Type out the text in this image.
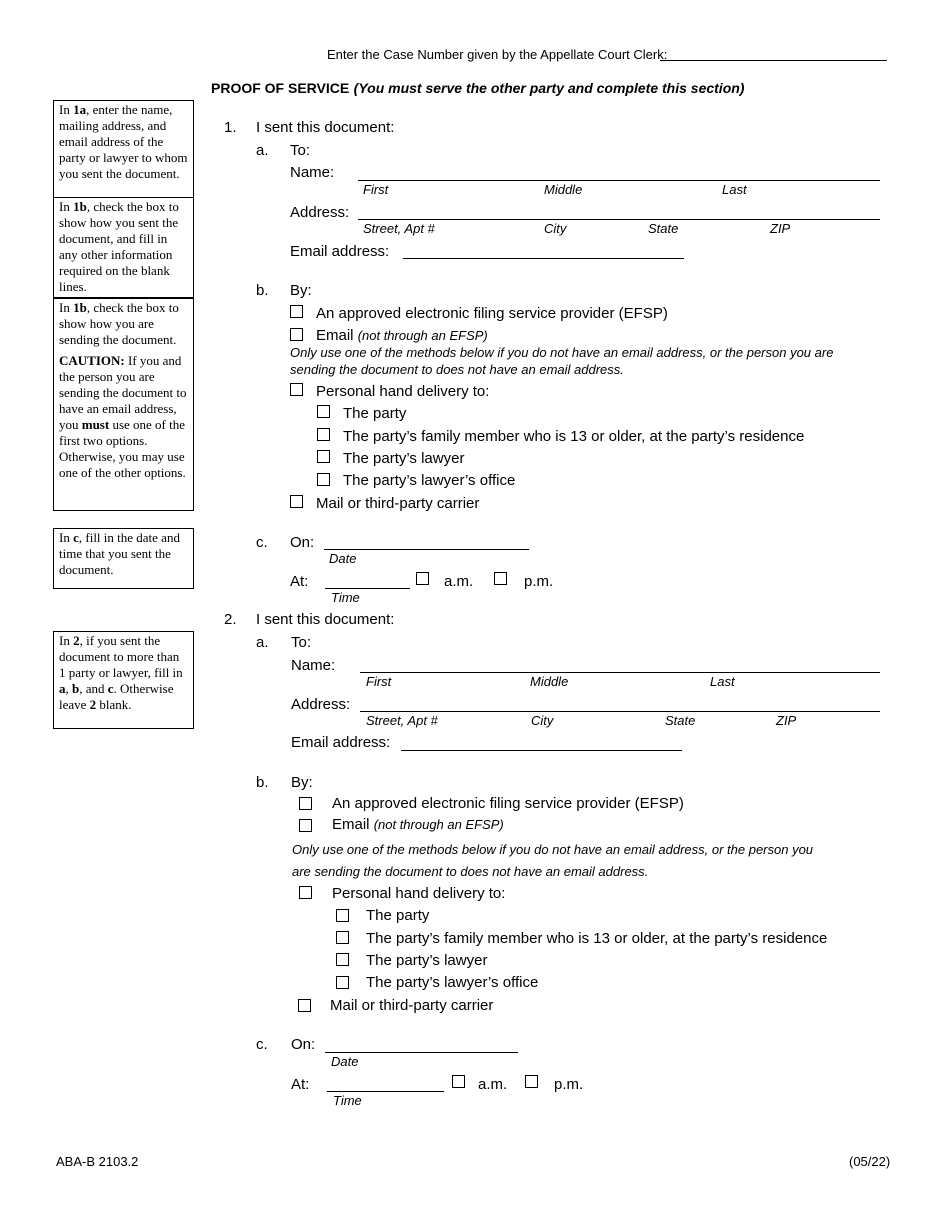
Enter the Case Number given by the Appellate Court Clerk:
PROOF OF SERVICE (You must serve the other party and complete this section)

In 1a, enter the name, mailing address, and email address of the party or lawyer to whom you sent the document.

In 1b, check the box to show how you sent the document, and fill in any other information required on the blank lines.

In 1b, check the box to show how you are sending the document.

CAUTION: If you and the person you are sending the document to have an email address, you must use one of the first two options. Otherwise, you may use one of the other options.

In c, fill in the date and time that you sent the document.

In 2, if you sent the document to more than 1 party or lawyer, fill in a, b, and c. Otherwise leave 2 blank.

1. I sent this document:
a. To:
Name:
First	Middle	Last
Address:
Street, Apt #	City	State	ZIP
Email address:
b. By:
An approved electronic filing service provider (EFSP)
Email (not through an EFSP)
Only use one of the methods below if you do not have an email address, or the person you are
sending the document to does not have an email address.
Personal hand delivery to:
The party
The party’s family member who is 13 or older, at the party’s residence
The party’s lawyer
The party’s lawyer’s office
Mail or third-party carrier
c. On:
Date
At:	a.m.	p.m.
Time
2. I sent this document:
a. To:
Name:
First	Middle	Last
Address:
Street, Apt #	City	State	ZIP
Email address:
b. By:
An approved electronic filing service provider (EFSP)
Email (not through an EFSP)
Only use one of the methods below if you do not have an email address, or the person you
are sending the document to does not have an email address.
Personal hand delivery to:
The party
The party’s family member who is 13 or older, at the party’s residence
The party’s lawyer
The party’s lawyer’s office
Mail or third-party carrier
c. On:
Date
At:	a.m.	p.m.
Time
ABA-B 2103.2	(05/22)
